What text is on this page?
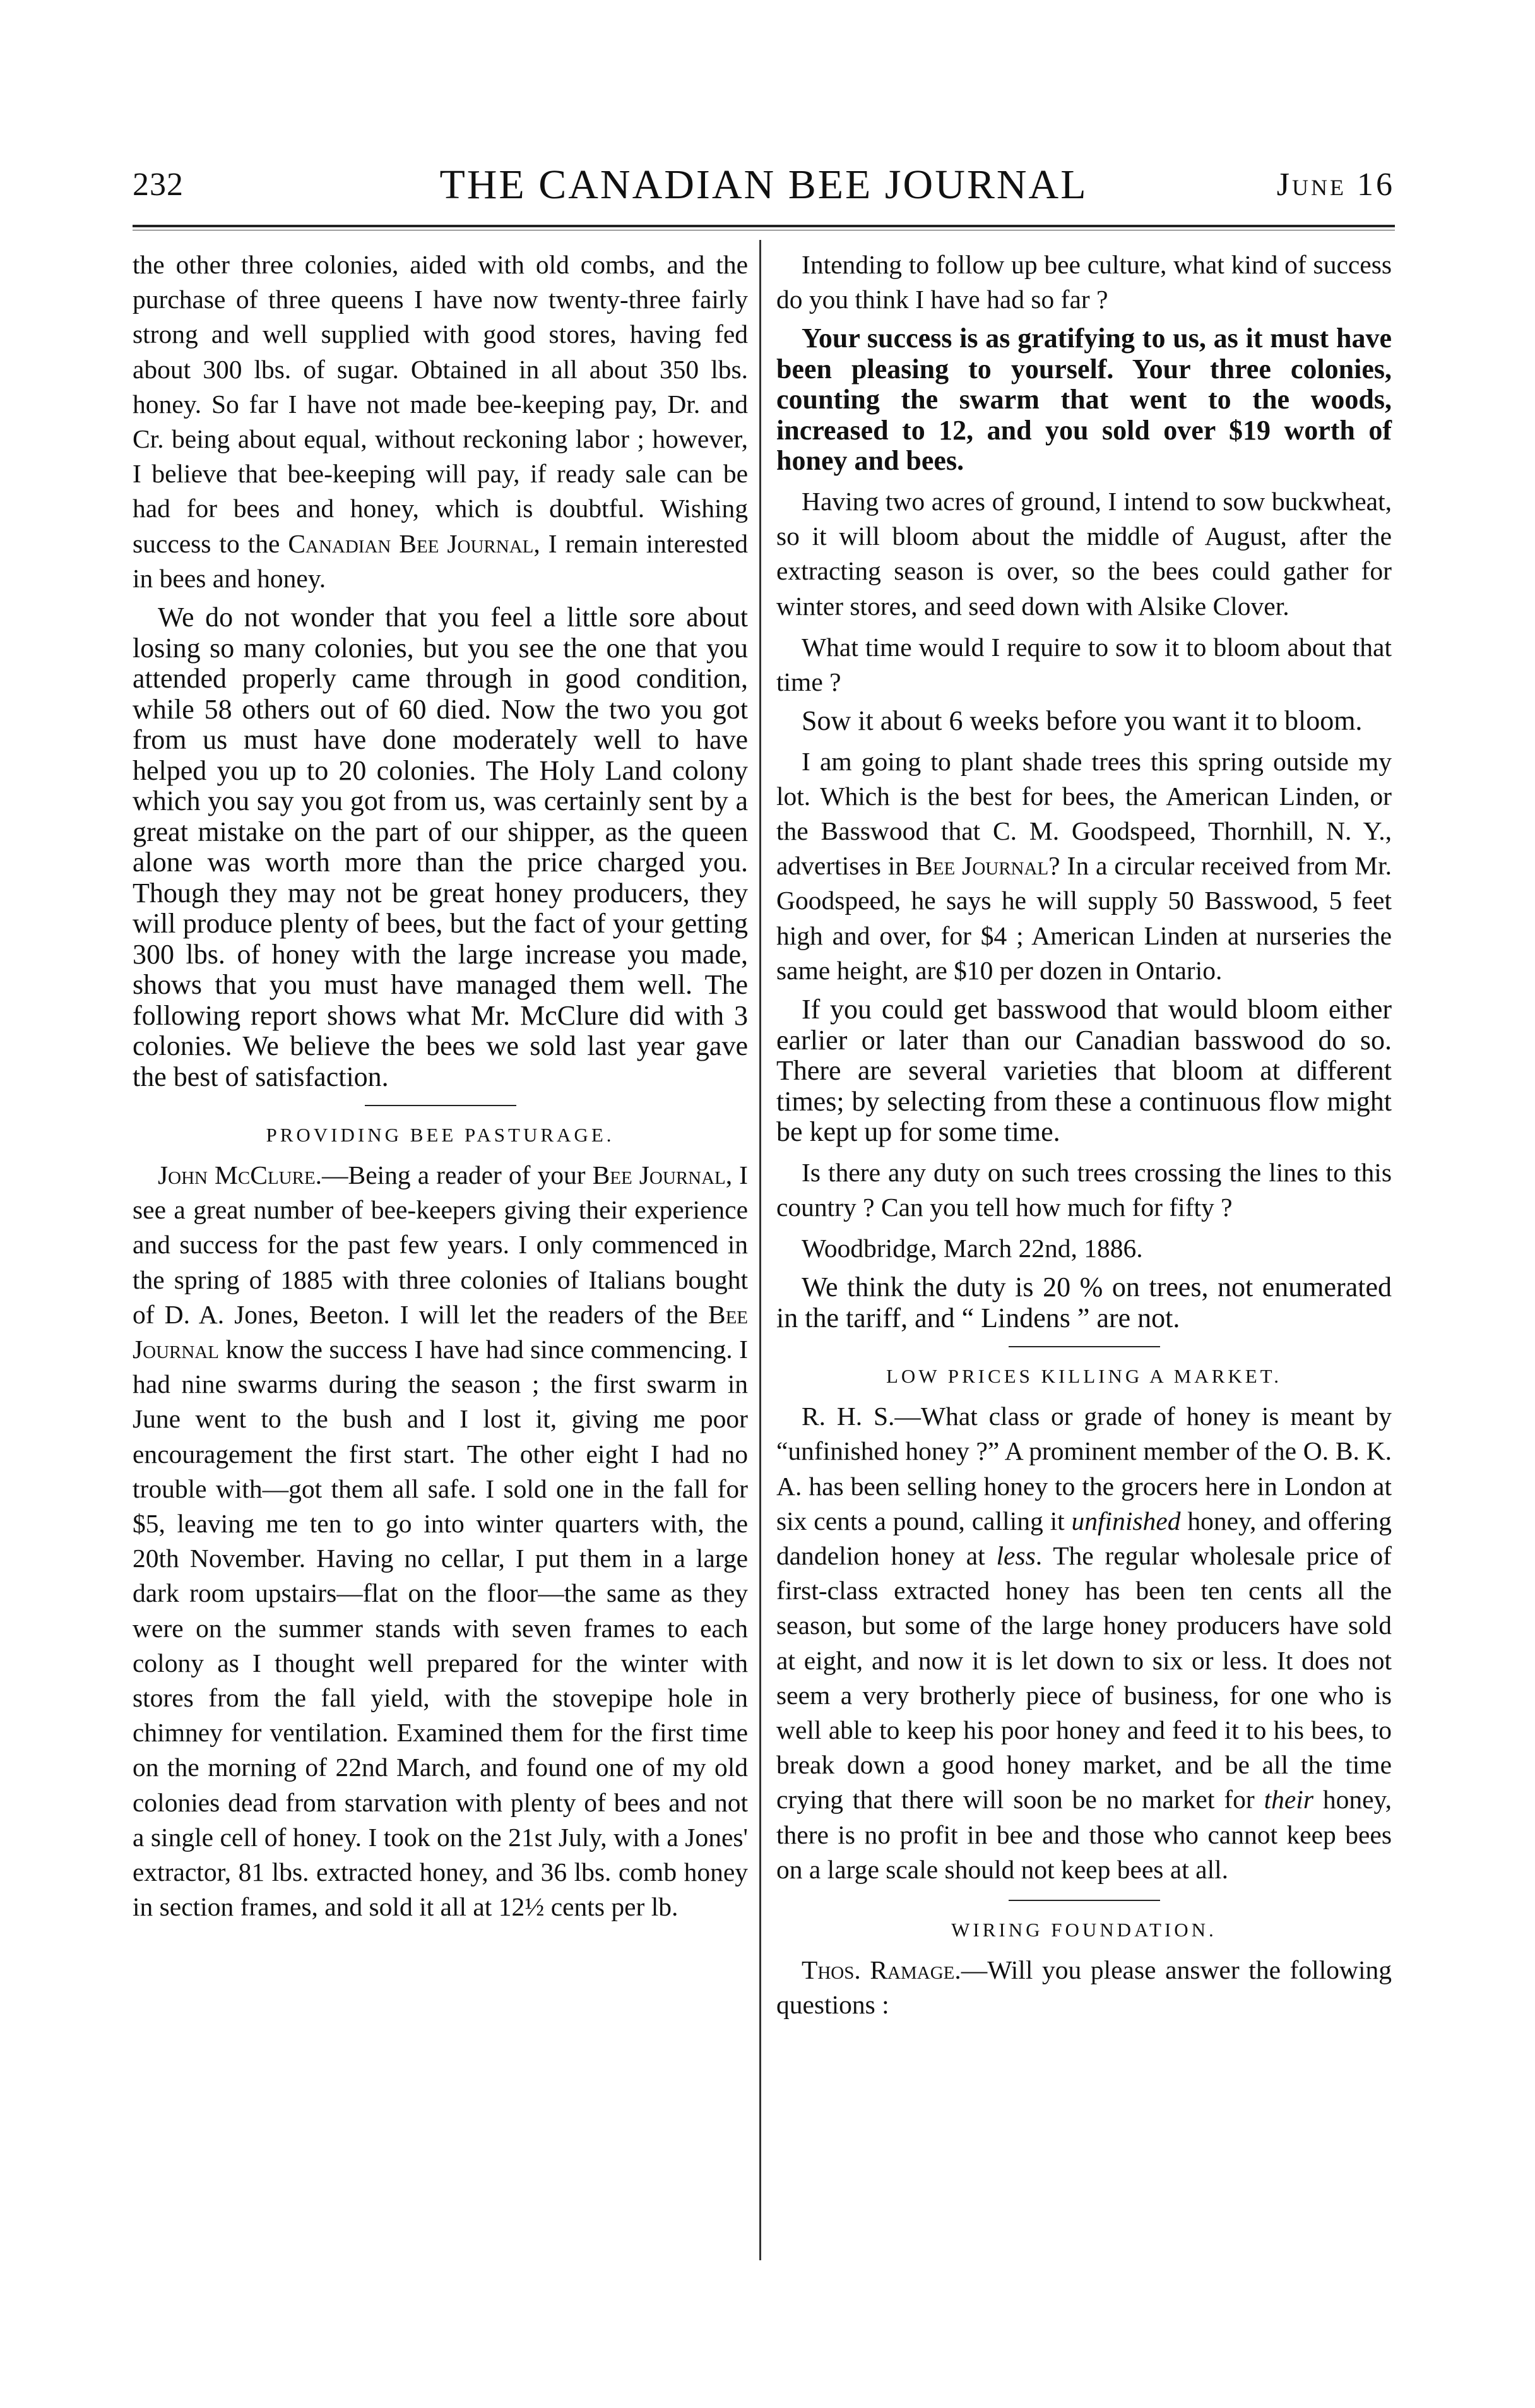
232	THE CANADIAN BEE JOURNAL	June 16

the other three colonies, aided with old combs, and the purchase of three queens I have now twenty-three fairly strong and well supplied with good stores, having fed about 300 lbs. of sugar. Obtained in all about 350 lbs. honey. So far I have not made bee-keeping pay, Dr. and Cr. being about equal, without reckoning labor ; however, I believe that bee-keeping will pay, if ready sale can be had for bees and honey, which is doubtful. Wishing success to the Canadian Bee Journal, I remain interested in bees and honey.

We do not wonder that you feel a little sore about losing so many colonies, but you see the one that you attended properly came through in good condition, while 58 others out of 60 died. Now the two you got from us must have done moderately well to have helped you up to 20 colonies. The Holy Land colony which you say you got from us, was certainly sent by a great mistake on the part of our shipper, as the queen alone was worth more than the price charged you. Though they may not be great honey producers, they will produce plenty of bees, but the fact of your getting 300 lbs. of honey with the large increase you made, shows that you must have managed them well. The following report shows what Mr. McClure did with 3 colonies. We believe the bees we sold last year gave the best of satisfaction.

PROVIDING BEE PASTURAGE.

John McClure.—Being a reader of your Bee Journal, I see a great number of bee-keepers giving their experience and success for the past few years. I only commenced in the spring of 1885 with three colonies of Italians bought of D. A. Jones, Beeton. I will let the readers of the Bee Journal know the success I have had since commencing. I had nine swarms during the season ; the first swarm in June went to the bush and I lost it, giving me poor encouragement the first start. The other eight I had no trouble with—got them all safe. I sold one in the fall for $5, leaving me ten to go into winter quarters with, the 20th November. Having no cellar, I put them in a large dark room upstairs—flat on the floor—the same as they were on the summer stands with seven frames to each colony as I thought well prepared for the winter with stores from the fall yield, with the stovepipe hole in chimney for ventilation. Examined them for the first time on the morning of 22nd March, and found one of my old colonies dead from starvation with plenty of bees and not a single cell of honey. I took on the 21st July, with a Jones' extractor, 81 lbs. extracted honey, and 36 lbs. comb honey in section frames, and sold it all at 12½ cents per lb.

Intending to follow up bee culture, what kind of success do you think I have had so far ?

Your success is as gratifying to us, as it must have been pleasing to yourself. Your three colonies, counting the swarm that went to the woods, increased to 12, and you sold over $19 worth of honey and bees.

Having two acres of ground, I intend to sow buckwheat, so it will bloom about the middle of August, after the extracting season is over, so the bees could gather for winter stores, and seed down with Alsike Clover.

What time would I require to sow it to bloom about that time ?

Sow it about 6 weeks before you want it to bloom.

I am going to plant shade trees this spring outside my lot. Which is the best for bees, the American Linden, or the Basswood that C. M. Goodspeed, Thornhill, N. Y., advertises in Bee Journal? In a circular received from Mr. Goodspeed, he says he will supply 50 Basswood, 5 feet high and over, for $4 ; American Linden at nurseries the same height, are $10 per dozen in Ontario.

If you could get basswood that would bloom either earlier or later than our Canadian basswood do so. There are several varieties that bloom at different times; by selecting from these a continuous flow might be kept up for some time.

Is there any duty on such trees crossing the lines to this country ? Can you tell how much for fifty ?

Woodbridge, March 22nd, 1886.

We think the duty is 20 % on trees, not enumerated in the tariff, and “ Lindens ” are not.

LOW PRICES KILLING A MARKET.

R. H. S.—What class or grade of honey is meant by “unfinished honey ?” A prominent member of the O. B. K. A. has been selling honey to the grocers here in London at six cents a pound, calling it unfinished honey, and offering dandelion honey at less. The regular wholesale price of first-class extracted honey has been ten cents all the season, but some of the large honey producers have sold at eight, and now it is let down to six or less. It does not seem a very brotherly piece of business, for one who is well able to keep his poor honey and feed it to his bees, to break down a good honey market, and be all the time crying that there will soon be no market for their honey, there is no profit in bee and those who cannot keep bees on a large scale should not keep bees at all.

WIRING FOUNDATION.

Thos. Ramage.—Will you please answer the following questions :
